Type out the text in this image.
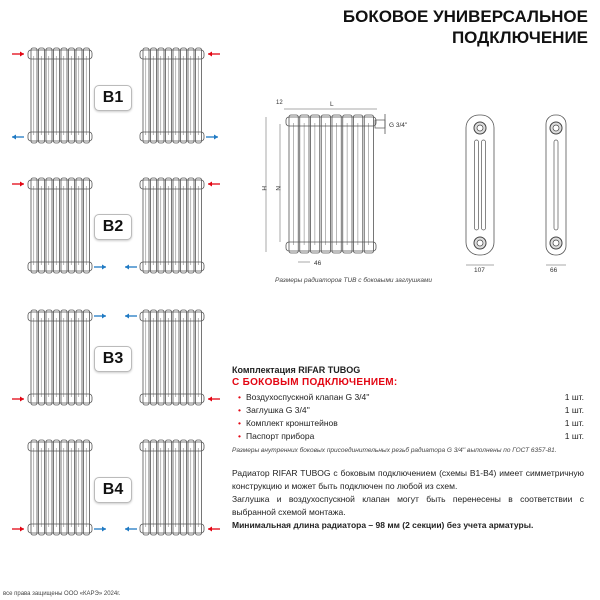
G 3/4''
L
12
H N
46
107	66
БОКОВОЕ УНИВЕРСАЛЬНОЕ
ПОДКЛЮЧЕНИЕ
B1
B2
B3
B4
Размеры радиаторов TUB с боковыми заглушками
Комплектация RIFAR TUBOG
С БОКОВЫМ ПОДКЛЮЧЕНИЕМ:
• Воздухоспускной клапан G 3/4''	1 шт.
• Заглушка G 3/4''	1 шт.
• Комплект кронштейнов	1 шт.
• Паспорт прибора	1 шт.
Размеры внутренних боковых присоединительных резьб радиатора G 3/4'' выполнены по ГОСТ 6357-81.
Радиатор RIFAR TUBOG с боковым подключением (схемы В1-В4) имеет симметричную конструкцию и может быть подключен по любой из схем.
Заглушка и воздухоспускной клапан могут быть перенесены в соответствии с выбранной схемой монтажа.
Минимальная длина радиатора – 98 мм (2 секции) без учета арматуры.
все права защищены ООО «КАРЭ» 2024г.
